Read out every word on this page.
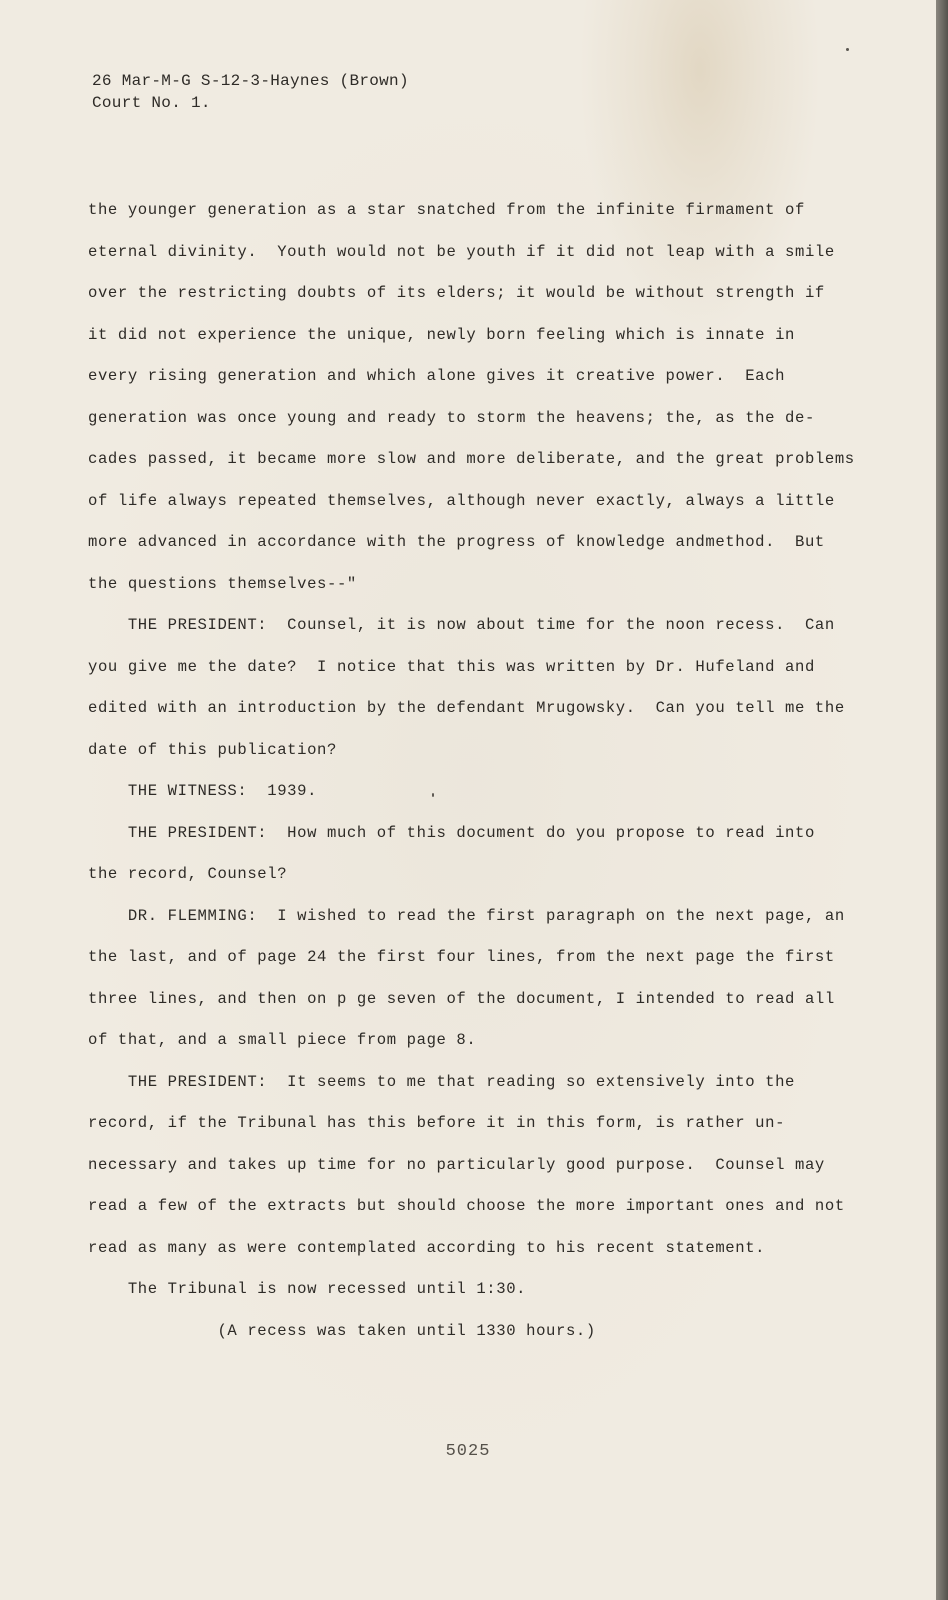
26 Mar-M-G S-12-3-Haynes (Brown)
Court No. 1.
the younger generation as a star snatched from the infinite firmament of
eternal divinity.  Youth would not be youth if it did not leap with a smile
over the restricting doubts of its elders; it would be without strength if
it did not experience the unique, newly born feeling which is innate in
every rising generation and which alone gives it creative power.  Each
generation was once young and ready to storm the heavens; the, as the de-
cades passed, it became more slow and more deliberate, and the great problems
of life always repeated themselves, although never exactly, always a little
more advanced in accordance with the progress of knowledge andmethod.  But
the questions themselves--"
THE PRESIDENT:  Counsel, it is now about time for the noon recess.  Can
you give me the date?  I notice that this was written by Dr. Hufeland and
edited with an introduction by the defendant Mrugowsky.  Can you tell me the
date of this publication?
THE WITNESS:  1939.
THE PRESIDENT:  How much of this document do you propose to read into
the record, Counsel?
DR. FLEMMING:  I wished to read the first paragraph on the next page, an
the last, and of page 24 the first four lines, from the next page the first
three lines, and then on p ge seven of the document, I intended to read all
of that, and a small piece from page 8.
THE PRESIDENT:  It seems to me that reading so extensively into the
record, if the Tribunal has this before it in this form, is rather un-
necessary and takes up time for no particularly good purpose.  Counsel may
read a few of the extracts but should choose the more important ones and not
read as many as were contemplated according to his recent statement.
The Tribunal is now recessed until 1:30.
(A recess was taken until 1330 hours.)
5025
